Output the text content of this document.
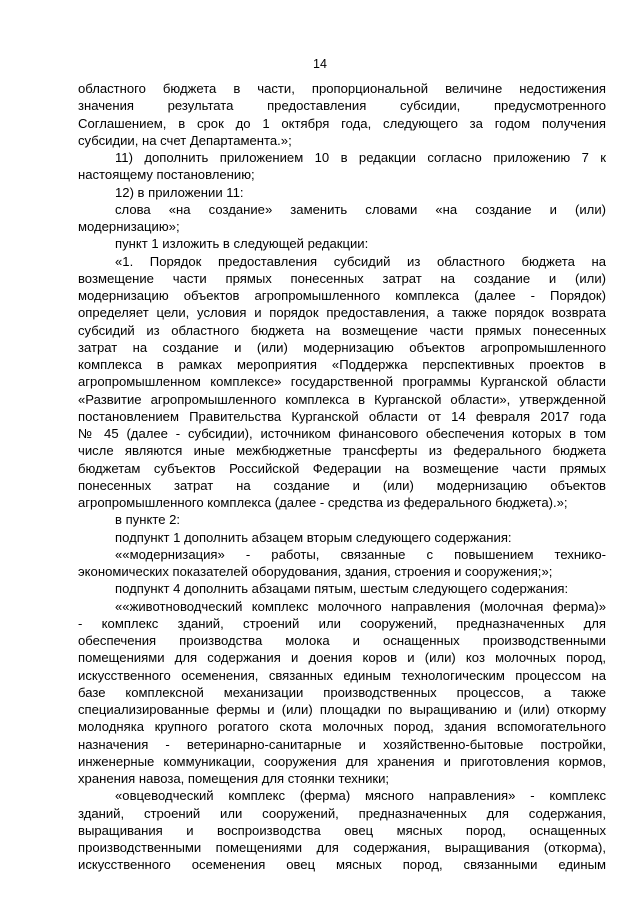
14
областного бюджета в части, пропорциональной величине недостижения
значения результата предоставления субсидии, предусмотренного
Соглашением, в срок до 1 октября года, следующего за годом получения
субсидии, на счет Департамента.»;
11) дополнить приложением 10 в редакции согласно приложению 7 к
настоящему постановлению;
12) в приложении 11:
слова «на создание» заменить словами «на создание и (или)
модернизацию»;
пункт 1 изложить в следующей редакции:
«1. Порядок предоставления субсидий из областного бюджета на
возмещение части прямых понесенных затрат на создание и (или)
модернизацию объектов агропромышленного комплекса (далее - Порядок)
определяет цели, условия и порядок предоставления, а также порядок возврата
субсидий из областного бюджета на возмещение части прямых понесенных
затрат на создание и (или) модернизацию объектов агропромышленного
комплекса в рамках мероприятия «Поддержка перспективных проектов в
агропромышленном комплексе» государственной программы Курганской области
«Развитие агропромышленного комплекса в Курганской области», утвержденной
постановлением Правительства Курганской области от 14 февраля 2017 года
№ 45 (далее - субсидии), источником финансового обеспечения которых в том
числе являются иные межбюджетные трансферты из федерального бюджета
бюджетам субъектов Российской Федерации на возмещение части прямых
понесенных затрат на создание и (или) модернизацию объектов
агропромышленного комплекса (далее - средства из федерального бюджета).»;
в пункте 2:
подпункт 1 дополнить абзацем вторым следующего содержания:
««модернизация» - работы, связанные с повышением технико-
экономических показателей оборудования, здания, строения и сооружения;»;
подпункт 4 дополнить абзацами пятым, шестым следующего содержания:
««животноводческий комплекс молочного направления (молочная ферма)»
- комплекс зданий, строений или сооружений, предназначенных для
обеспечения производства молока и оснащенных производственными
помещениями для содержания и доения коров и (или) коз молочных пород,
искусственного осеменения, связанных единым технологическим процессом на
базе комплексной механизации производственных процессов, а также
специализированные фермы и (или) площадки по выращиванию и (или) откорму
молодняка крупного рогатого скота молочных пород, здания вспомогательного
назначения - ветеринарно-санитарные и хозяйственно-бытовые постройки,
инженерные коммуникации, сооружения для хранения и приготовления кормов,
хранения навоза, помещения для стоянки техники;
«овцеводческий комплекс (ферма) мясного направления» - комплекс
зданий, строений или сооружений, предназначенных для содержания,
выращивания и воспроизводства овец мясных пород, оснащенных
производственными помещениями для содержания, выращивания (откорма),
искусственного осеменения овец мясных пород, связанными единым
